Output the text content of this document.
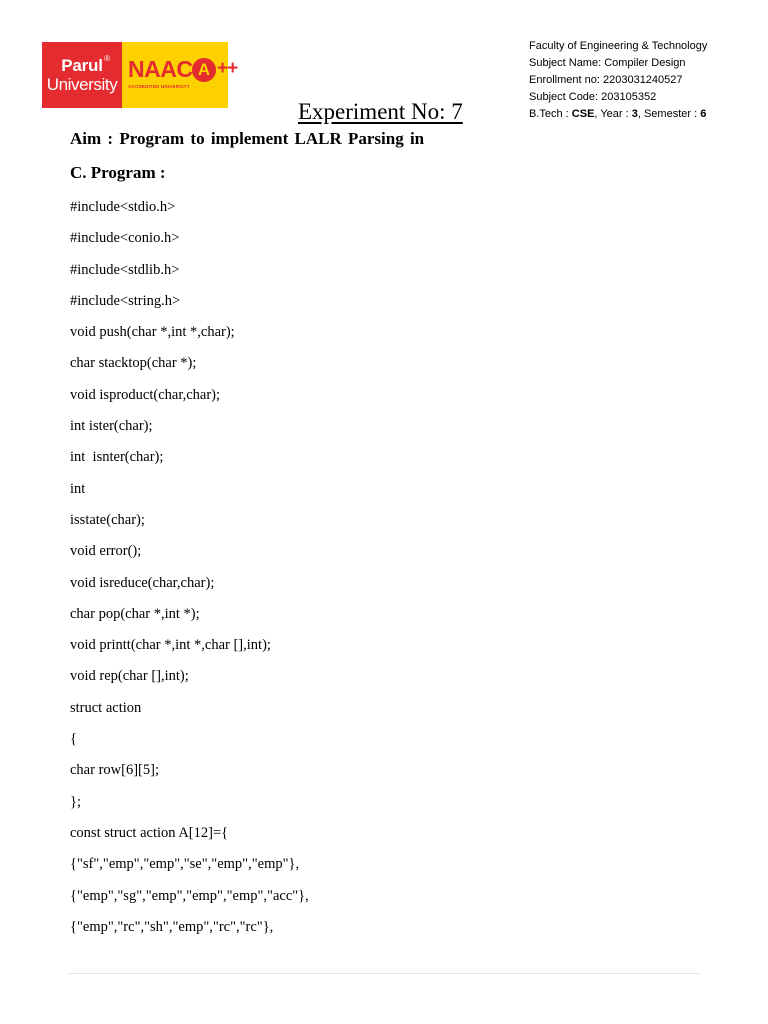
Parul ®
University
NAAC A ++
ACCREDITED UNIVERSITY
Faculty of Engineering & Technology
Subject Name: Compiler Design
Enrollment no: 2203031240527
Subject Code: 203105352
B.Tech : CSE, Year : 3, Semester : 6
Experiment No: 7
Aim : Program to implement LALR Parsing in
C. Program :
#include<stdio.h>
#include<conio.h>
#include<stdlib.h>
#include<string.h>
void push(char *,int *,char);
char stacktop(char *);
void isproduct(char,char);
int ister(char);
int  isnter(char);
int
isstate(char);
void error();
void isreduce(char,char);
char pop(char *,int *);
void printt(char *,int *,char [],int);
void rep(char [],int);
struct action
{
char row[6][5];
};
const struct action A[12]={
{"sf","emp","emp","se","emp","emp"},
{"emp","sg","emp","emp","emp","acc"},
{"emp","rc","sh","emp","rc","rc"},
